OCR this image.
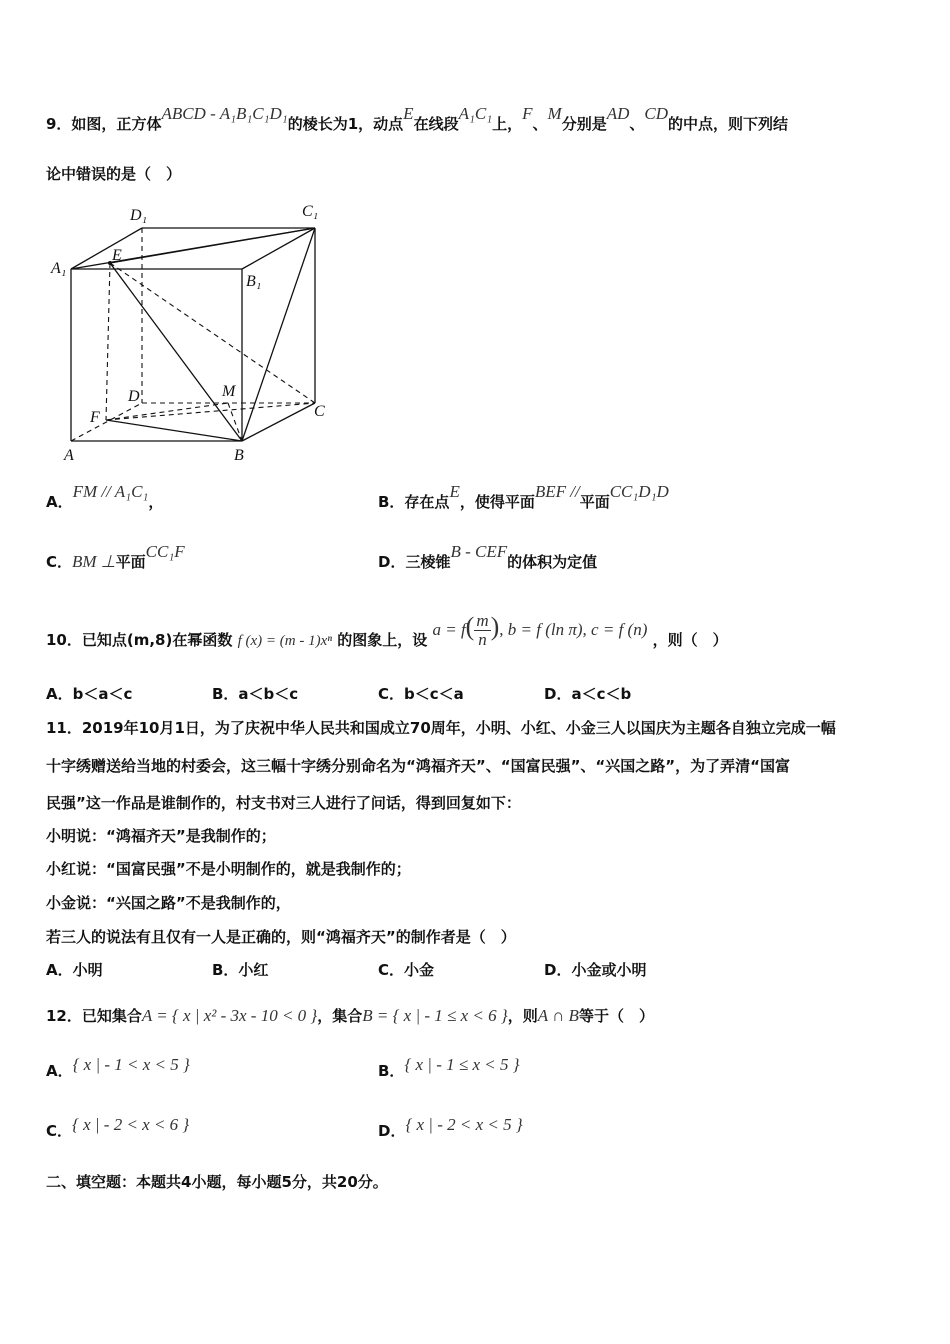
9．如图，正方体ABCD - A₁B₁C₁D₁的棱长为1，动点E在线段A₁C₁上，F、M分别是AD、CD的中点，则下列结
论中错误的是（　）
D₁	C₁
A₁
E
B₁
D	M
C
F
A	B
A．FM // A₁C₁，	B．存在点E，使得平面BEF //平面CC₁D₁D
C．BM ⊥平面CC₁F
D．三棱锥B - CEF的体积为定值
10．已知点(m,8)在幂函数 f (x) = (m - 1)xⁿ 的图象上，设 $a = f( \frac{m}{n}$ ), b = f (ln π), c = f (n) ，则（　）
A．b＜a＜c	B．a＜b＜c	C．b＜c＜a	D．a＜c＜b
11．2019年10月1日，为了庆祝中华人民共和国成立70周年，小明、小红、小金三人以国庆为主题各自独立完成一幅
十字绣赠送给当地的村委会，这三幅十字绣分别命名为“鸿福齐天”、“国富民强”、“兴国之路”，为了弄清“国富
民强”这一作品是谁制作的，村支书对三人进行了问话，得到回复如下：
小明说：“鸿福齐天”是我制作的；
小红说：“国富民强”不是小明制作的，就是我制作的；
小金说：“兴国之路”不是我制作的，
若三人的说法有且仅有一人是正确的，则“鸿福齐天”的制作者是（　）
A．小明	B．小红	C．小金	D．小金或小明
12．已知集合A = { x | x² - 3x - 10 < 0 }，集合B = { x | - 1 ≤ x < 6 }，则A ∩ B等于（　）
A．{ x | - 1 < x < 5 }	B．{ x | - 1 ≤ x < 5 }
C．{ x | - 2 < x < 6 }	D．{ x | - 2 < x < 5 }
二、填空题：本题共4小题，每小题5分，共20分。
